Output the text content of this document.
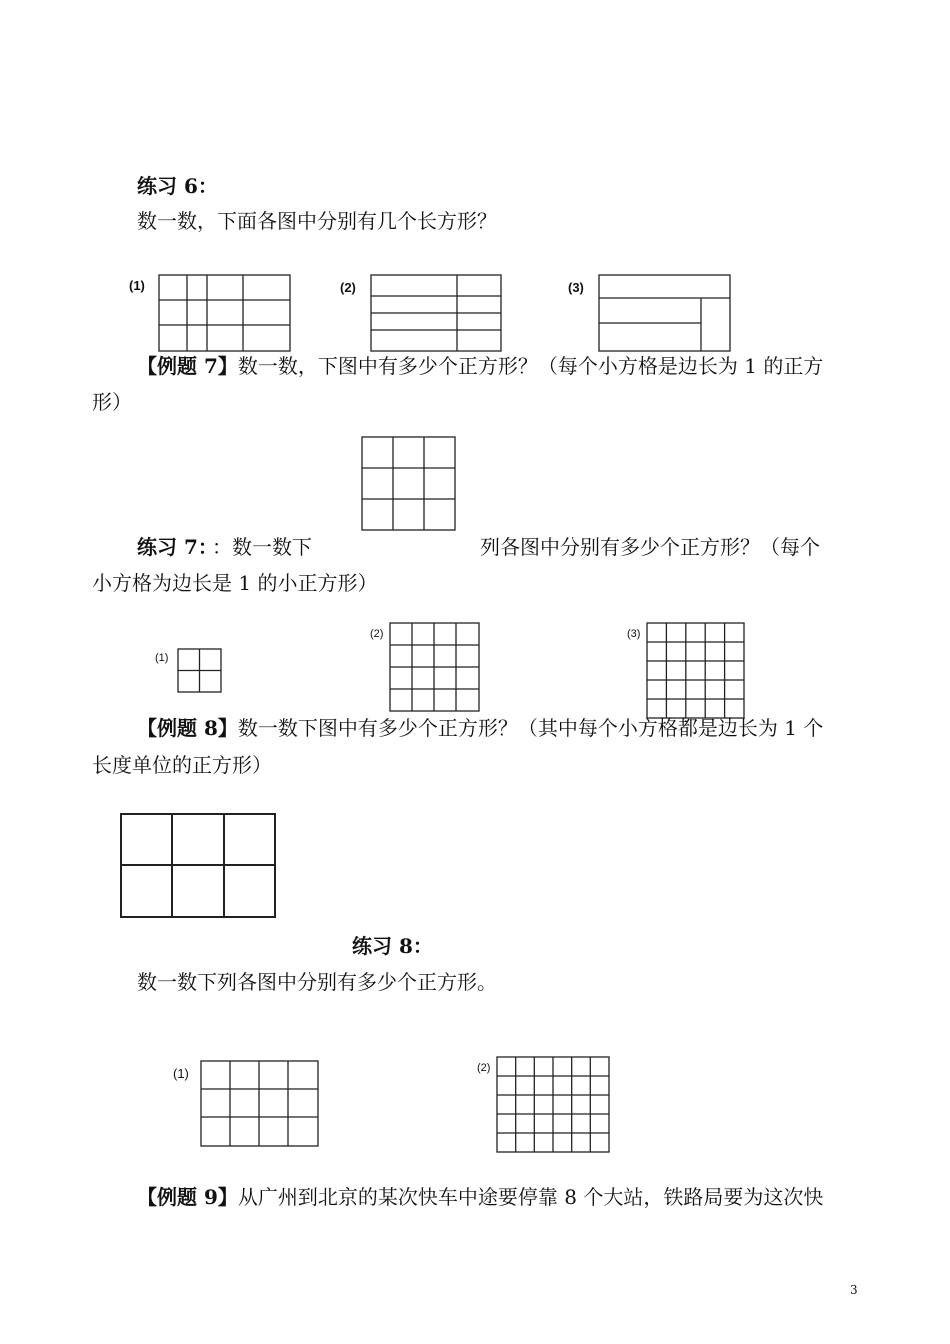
练习 6：
数一数，下面各图中分别有几个长方形？
(1)	(2)	(3)
【例题 7】数一数，下图中有多少个正方形？（每个小方格是边长为 1 的正方
形）
练习 7：
：数一数下	列各图中分别有多少个正方形？（每个
小方格为边长是 1 的小正方形）
(1)
(2)	(3)
【例题 8】数一数下图中有多少个正方形？（其中每个小方格都是边长为 1 个
长度单位的正方形）
练习 8：
数一数下列各图中分别有多少个正方形。
(1)	(2)
【例题 9】从广州到北京的某次快车中途要停靠 8 个大站，铁路局要为这次快
3
